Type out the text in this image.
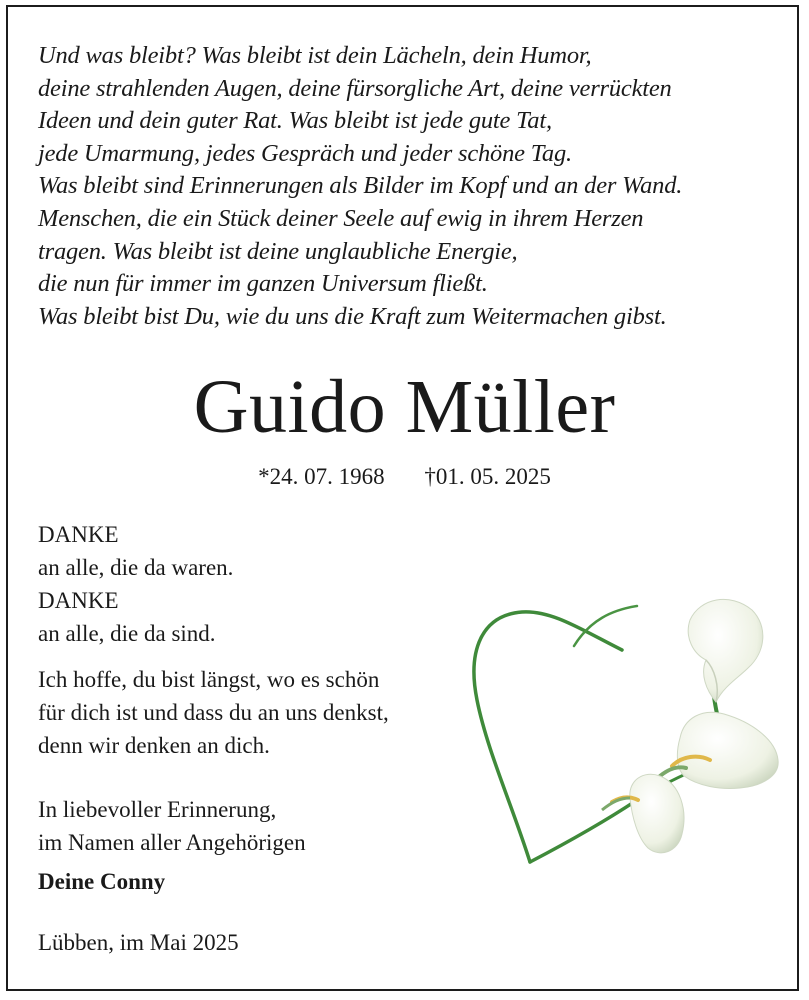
Und was bleibt? Was bleibt ist dein Lächeln, dein Humor,
deine strahlenden Augen, deine fürsorgliche Art, deine verrückten
Ideen und dein guter Rat. Was bleibt ist jede gute Tat,
jede Umarmung, jedes Gespräch und jeder schöne Tag.
Was bleibt sind Erinnerungen als Bilder im Kopf und an der Wand.
Menschen, die ein Stück deiner Seele auf ewig in ihrem Herzen
tragen. Was bleibt ist deine unglaubliche Energie,
die nun für immer im ganzen Universum fließt.
Was bleibt bist Du, wie du uns die Kraft zum Weitermachen gibst.
Guido Müller
*24. 07. 1968 †01. 05. 2025
DANKE
an alle, die da waren.
DANKE
an alle, die da sind.
Ich hoffe, du bist längst, wo es schön
für dich ist und dass du an uns denkst,
denn wir denken an dich.
In liebevoller Erinnerung,
im Namen aller Angehörigen
Deine Conny
Lübben, im Mai 2025
